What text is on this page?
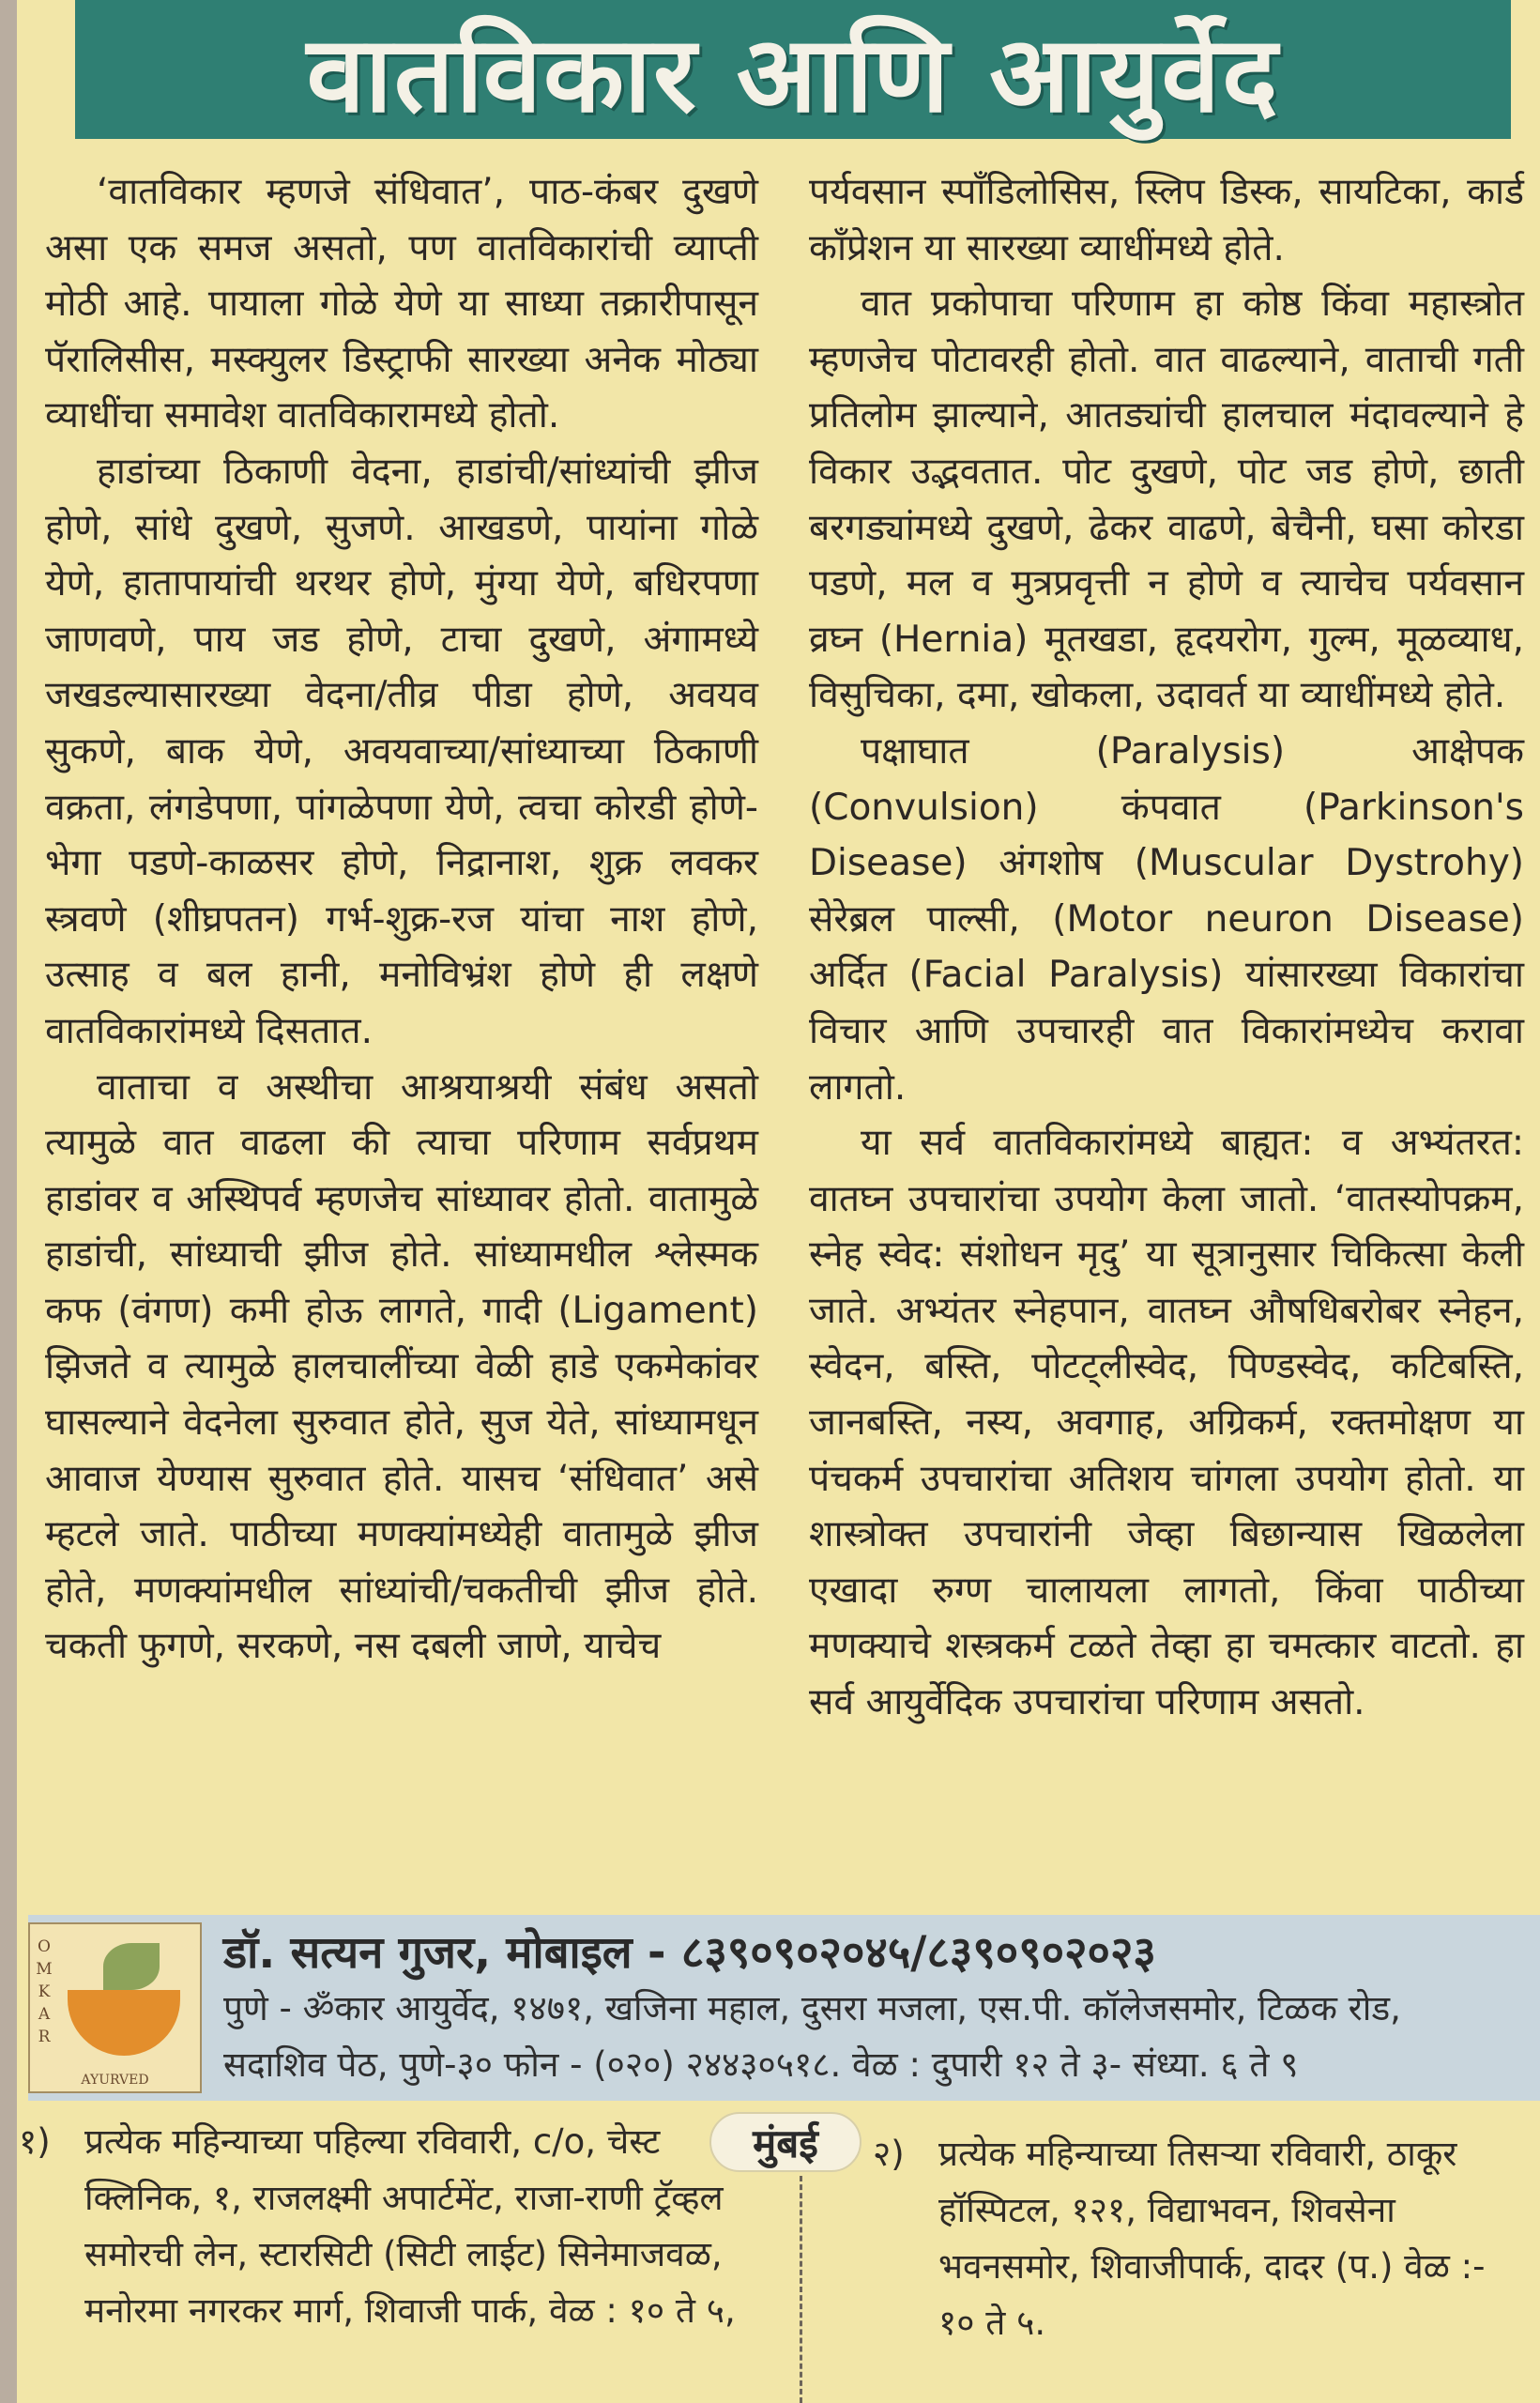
वातविकार आणि आयुर्वेद

‘वातविकार म्हणजे संधिवात’, पाठ-कंबर दुखणे असा एक समज असतो, पण वातविकारांची व्याप्ती मोठी आहे. पायाला गोळे येणे या साध्या तक्रारीपासून पॅरालिसीस, मस्क्युलर डिस्ट्राफी सारख्या अनेक मोठ्या व्याधींचा समावेश वातविकारामध्ये होतो.

हाडांच्या ठिकाणी वेदना, हाडांची/सांध्यांची झीज होणे, सांधे दुखणे, सुजणे. आखडणे, पायांना गोळे येणे, हातापायांची थरथर होणे, मुंग्या येणे, बधिरपणा जाणवणे, पाय जड होणे, टाचा दुखणे, अंगामध्ये जखडल्यासारख्या वेदना/तीव्र पीडा होणे, अवयव सुकणे, बाक येणे, अवयवाच्या/सांध्याच्या ठिकाणी वक्रता, लंगडेपणा, पांगळेपणा येणे, त्वचा कोरडी होणे-भेगा पडणे-काळसर होणे, निद्रानाश, शुक्र लवकर स्त्रवणे (शीघ्रपतन) गर्भ-शुक्र-रज यांचा नाश होणे, उत्साह व बल हानी, मनोविभ्रंश होणे ही लक्षणे वातविकारांमध्ये दिसतात.

वाताचा व अस्थीचा आश्रयाश्रयी संबंध असतो त्यामुळे वात वाढला की त्याचा परिणाम सर्वप्रथम हाडांवर व अस्थिपर्व म्हणजेच सांध्यावर होतो. वातामुळे हाडांची, सांध्याची झीज होते. सांध्यामधील श्लेस्मक कफ (वंगण) कमी होऊ लागते, गादी (Ligament) झिजते व त्यामुळे हालचालींच्या वेळी हाडे एकमेकांवर घासल्याने वेदनेला सुरुवात होते, सुज येते, सांध्यामधून आवाज येण्यास सुरुवात होते. यासच ‘संधिवात’ असे म्हटले जाते. पाठीच्या मणक्यांमध्येही वातामुळे झीज होते, मणक्यांमधील सांध्यांची/चकतीची झीज होते. चकती फुगणे, सरकणे, नस दबली जाणे, याचेच

पर्यवसान स्पॉंडिलोसिस, स्लिप डिस्क, सायटिका, कार्ड कॉंप्रेशन या सारख्या व्याधींमध्ये होते.

वात प्रकोपाचा परिणाम हा कोष्ठ किंवा महास्त्रोत म्हणजेच पोटावरही होतो. वात वाढल्याने, वाताची गती प्रतिलोम झाल्याने, आतड्यांची हालचाल मंदावल्याने हे विकार उद्भवतात. पोट दुखणे, पोट जड होणे, छाती बरगड्यांमध्ये दुखणे, ढेकर वाढणे, बेचैनी, घसा कोरडा पडणे, मल व मुत्रप्रवृत्ती न होणे व त्याचेच पर्यवसान व्रघ्न (Hernia) मूतखडा, हृदयरोग, गुल्म, मूळव्याध, विसुचिका, दमा, खोकला, उदावर्त या व्याधींमध्ये होते.

पक्षाघात (Paralysis) आक्षेपक (Convulsion) कंपवात (Parkinson's Disease) अंगशोष (Muscular Dystrohy) सेरेब्रल पाल्सी, (Motor neuron Disease) अर्दित (Facial Paralysis) यांसारख्या विकारांचा विचार आणि उपचारही वात विकारांमध्येच करावा लागतो.

या सर्व वातविकारांमध्ये बाह्यत: व अभ्यंतरत: वातघ्न उपचारांचा उपयोग केला जातो. ‘वातस्योपक्रम, स्नेह स्वेद: संशोधन मृदु’ या सूत्रानुसार चिकित्सा केली जाते. अभ्यंतर स्नेहपान, वातघ्न औषधिबरोबर स्नेहन, स्वेदन, बस्ति, पोटट्लीस्वेद, पिण्डस्वेद, कटिबस्ति, जानबस्ति, नस्य, अवगाह, अग्रिकर्म, रक्तमोक्षण या पंचकर्म उपचारांचा अतिशय चांगला उपयोग होतो. या शास्त्रोक्त उपचारांनी जेव्हा बिछान्यास खिळलेला एखादा रुग्ण चालायला लागतो, किंवा पाठीच्या मणक्याचे शस्त्रकर्म टळते तेव्हा हा चमत्कार वाटतो. हा सर्व आयुर्वेदिक उपचारांचा परिणाम असतो.

O
M
K
A
R
AYURVED
डॉ. सत्यन गुजर, मोबाइल - ८३९०९०२०४५/८३९०९०२०२३
पुणे - ॐकार आयुर्वेद, १४७१, खजिना महाल, दुसरा मजला, एस.पी. कॉलेजसमोर, टिळक रोड,
सदाशिव पेठ, पुणे-३० फोन - (०२०) २४४३०५१८. वेळ : दुपारी १२ ते ३- संध्या. ६ ते ९
मुंबई
१) प्रत्येक महिन्याच्या पहिल्या रविवारी, c/o, चेस्ट क्लिनिक, १, राजलक्ष्मी अपार्टमेंट, राजा-राणी ट्रॅव्हल समोरची लेन, स्टारसिटी (सिटी लाईट) सिनेमाजवळ, मनोरमा नगरकर मार्ग, शिवाजी पार्क, वेळ : १० ते ५,
२) प्रत्येक महिन्याच्या तिसऱ्या रविवारी, ठाकूर हॉस्पिटल, १२१, विद्याभवन, शिवसेना भवनसमोर, शिवाजीपार्क, दादर (प.) वेळ :- १० ते ५.
